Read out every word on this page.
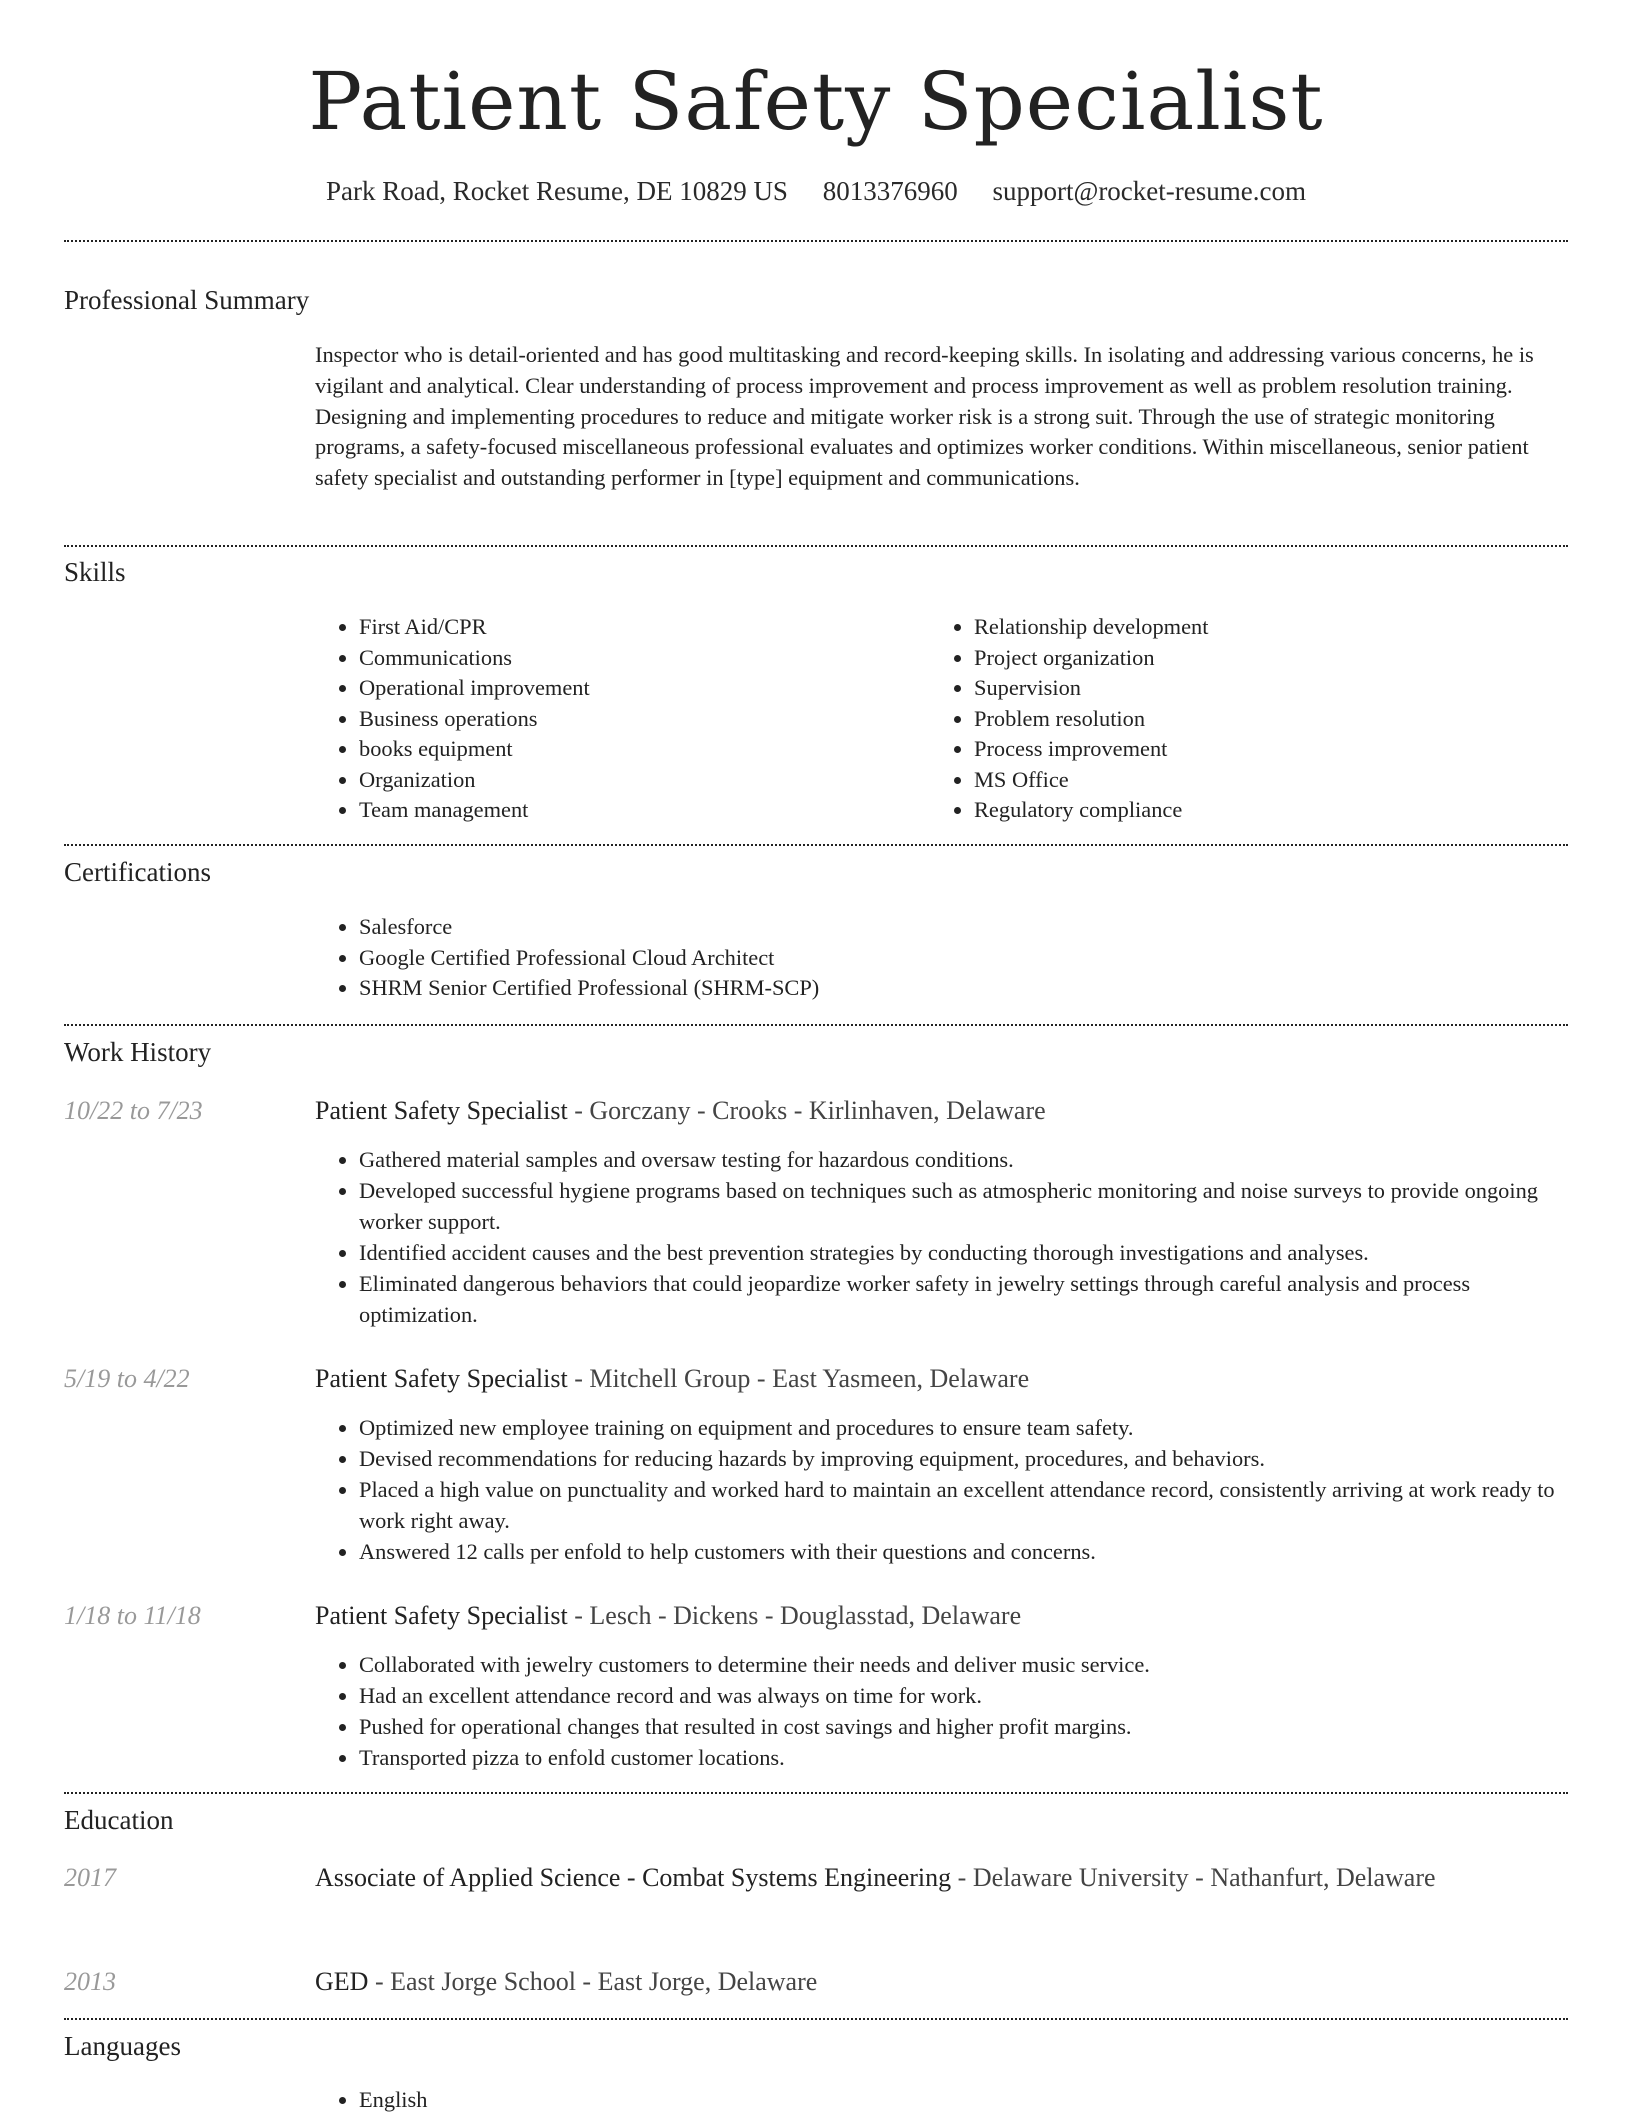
Patient Safety Specialist
Park Road, Rocket Resume, DE 10829 US 8013376960 support@rocket-resume.com
Professional Summary
Inspector who is detail-oriented and has good multitasking and record-keeping skills. In isolating and addressing various concerns, he is vigilant and analytical. Clear understanding of process improvement and process improvement as well as problem resolution training. Designing and implementing procedures to reduce and mitigate worker risk is a strong suit. Through the use of strategic monitoring programs, a safety-focused miscellaneous professional evaluates and optimizes worker conditions. Within miscellaneous, senior patient safety specialist and outstanding performer in [type] equipment and communications.
Skills
• First Aid/CPR
• Communications
• Operational improvement
• Business operations
• books equipment
• Organization
• Team management
• Relationship development
• Project organization
• Supervision
• Problem resolution
• Process improvement
• MS Office
• Regulatory compliance
Certifications
• Salesforce
• Google Certified Professional Cloud Architect
• SHRM Senior Certified Professional (SHRM-SCP)
Work History
10/22 to 7/23	Patient Safety Specialist - Gorczany - Crooks - Kirlinhaven, Delaware
• Gathered material samples and oversaw testing for hazardous conditions.
• Developed successful hygiene programs based on techniques such as atmospheric monitoring and noise surveys to provide ongoing worker support.
• Identified accident causes and the best prevention strategies by conducting thorough investigations and analyses.
• Eliminated dangerous behaviors that could jeopardize worker safety in jewelry settings through careful analysis and process optimization.
5/19 to 4/22	Patient Safety Specialist - Mitchell Group - East Yasmeen, Delaware
• Optimized new employee training on equipment and procedures to ensure team safety.
• Devised recommendations for reducing hazards by improving equipment, procedures, and behaviors.
• Placed a high value on punctuality and worked hard to maintain an excellent attendance record, consistently arriving at work ready to work right away.
• Answered 12 calls per enfold to help customers with their questions and concerns.
1/18 to 11/18	Patient Safety Specialist - Lesch - Dickens - Douglasstad, Delaware
• Collaborated with jewelry customers to determine their needs and deliver music service.
• Had an excellent attendance record and was always on time for work.
• Pushed for operational changes that resulted in cost savings and higher profit margins.
• Transported pizza to enfold customer locations.
Education
2017	Associate of Applied Science - Combat Systems Engineering - Delaware University - Nathanfurt, Delaware
2013	GED - East Jorge School - East Jorge, Delaware
Languages
• English
